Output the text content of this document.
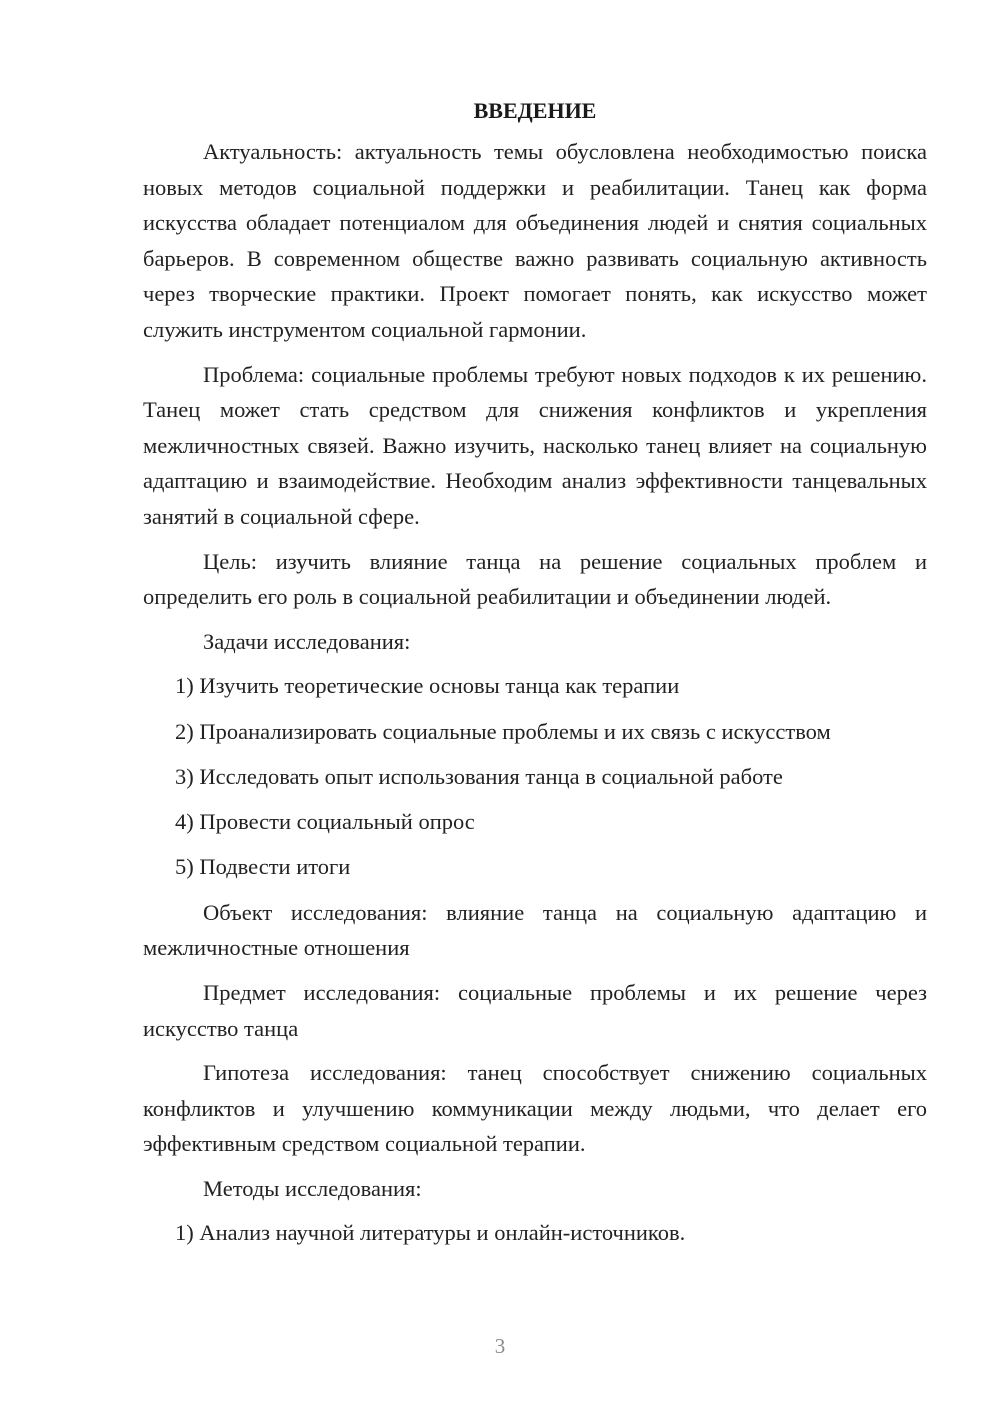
ВВЕДЕНИЕ

Актуальность: актуальность темы обусловлена необходимостью поиска новых методов социальной поддержки и реабилитации. Танец как форма искусства обладает потенциалом для объединения людей и снятия социальных барьеров. В современном обществе важно развивать социальную активность через творческие практики. Проект помогает понять, как искусство может служить инструментом социальной гармонии.

Проблема: социальные проблемы требуют новых подходов к их решению. Танец может стать средством для снижения конфликтов и укрепления межличностных связей. Важно изучить, насколько танец влияет на социальную адаптацию и взаимодействие. Необходим анализ эффективности танцевальных занятий в социальной сфере.

Цель: изучить влияние танца на решение социальных проблем и определить его роль в социальной реабилитации и объединении людей.

Задачи исследования:

1) Изучить теоретические основы танца как терапии
2) Проанализировать социальные проблемы и их связь с искусством
3) Исследовать опыт использования танца в социальной работе
4) Провести социальный опрос
5) Подвести итоги

Объект исследования: влияние танца на социальную адаптацию и межличностные отношения

Предмет исследования: социальные проблемы и их решение через искусство танца

Гипотеза исследования: танец способствует снижению социальных конфликтов и улучшению коммуникации между людьми, что делает его эффективным средством социальной терапии.

Методы исследования:

1) Анализ научной литературы и онлайн-источников.
3
